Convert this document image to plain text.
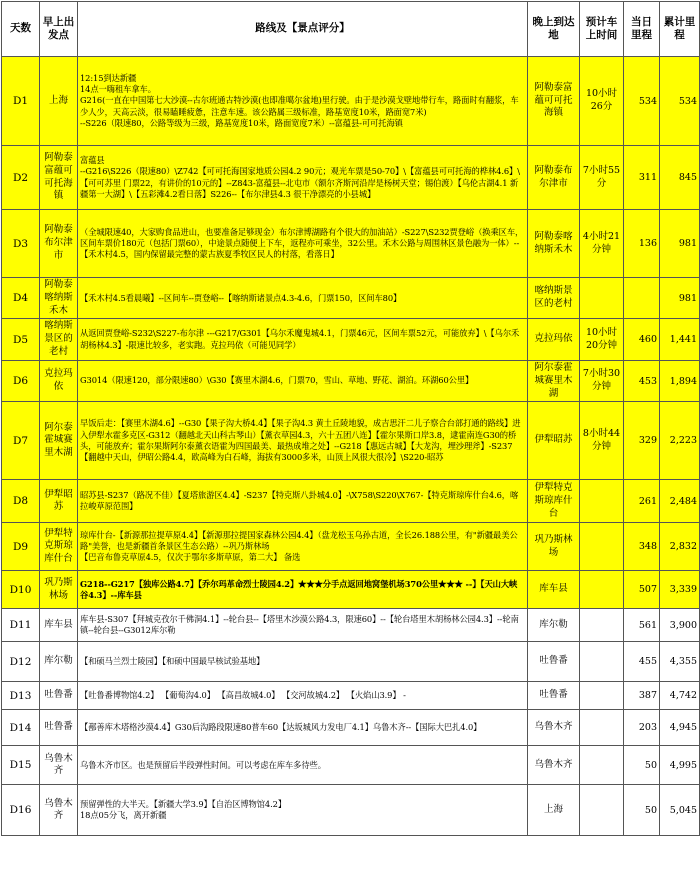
天数	早上出发点	路线及【景点评分】	晚上到达地	预计车上时间	当日里程	累计里程
D1	上海	12:15到达新疆
14点一嗨租车拿车。
G216(一直在中国第七大沙漠--古尔班通古特沙漠(也即准噶尔盆地)里行驶。由于是沙漠戈壁地带行车，路面时有翻浆，车少人少，天高云淡，很易瞌睡疲惫，注意车速。该公路属三级标准，路基宽度10米，路面宽7米)
--S226（限速80，公路等级为三级，路基宽度10米，路面宽度7米）--富蕴县-可可托海镇	阿勒泰富蕴可可托海镇	10小时26分	534	534
D2	阿勒泰富蕴可可托海镇	富蕴县
--G216\S226（限速80）\Z742【可可托海国家地质公园4.2 90元；观光车票是50-70】\【富蕴县可可托海的桦林4.6】\【可可苏里 门票22，有讲价的10元的】--Z843-富蕴县--北屯市（额尔齐斯河沿岸是杨树天堂；锡伯渡）【乌伦古湖4.1 新疆第一大湖】\【五彩滩4.2看日落】S226--【布尔津县4.3 很干净漂亮的小县城】	阿勒泰布尔津市	7小时55分	311	845
D3	阿勒泰布尔津市	（全城限速40，大家购食品进山，也要准备足够现金）布尔津博湖路有个很大的加油站）-S227\S232贾登峪（换乘区车，区间车票价180元（包括门票60），中途景点随便上下车，返程亦可乘坐，32公里。禾木公路与周围林区景色融为一体）--【禾木村4.5，国内保留最完整的蒙古族夏季牧区民人的村落，看落日】	阿勒泰喀纳斯禾木	4小时21分钟	136	981
D4	阿勒泰喀纳斯禾木	【禾木村4.5看晨曦】--区间车--贾登峪--【喀纳斯诸景点4.3-4.6，门票150，区间车80】	喀纳斯景区的老村			981
D5	喀纳斯景区的老村	从返回贾登峪-S232\S227-布尔津 ---G217/G301【乌尔禾魔鬼城4.1，门票46元，区间车票52元，可能放弃】\【乌尔禾胡杨林4.3】-限速比较多，老实跑。克拉玛依（可能见同学）	克拉玛依	10小时20分钟	460	1,441
D6	克拉玛依	G3014（限速120，部分限速80）\G30【赛里木湖4.6，门票70，雪山、草地、野花、湖泊。环湖60公里】	阿尔泰霍城赛里木湖	7小时30分钟	453	1,894
D7	阿尔泰霍城赛里木湖	早饭后走：【赛里木湖4.6】--G30【果子沟大桥4.4】【果子沟4.3 黄土丘陵地貌，成吉思汗二儿子察合台部打通的路线】进入伊犁水霍多克区-G312（翻越北天山科古琴山）【薰衣草园4.3，六十五团八连】【霍尔果斯口岸3.8，逮霍南连G30的桥头，可能放弃；霍尔果斯阿尔泰薰衣语霍为四国最美、最热成堆之处】--G218【惠远古城】【大龙沟，埋沙理斧】-S237【翻越中天山，伊昭公路4.4，欧高峰为白石峰，海拔有3000多米，山顶上风很大很冷】\S220-昭苏	伊犁昭苏	8小时44分钟	329	2,223
D8	伊犁昭苏	昭苏县-S237（路况不佳）【夏塔旅游区4.4】-S237【特克斯八卦城4.0】-\X758\S220\X767-【特克斯琼库什台4.6，喀拉峻草原范围】	伊犁特克斯琼库什台		261	2,484
D9	伊犁特克斯琼库什台	琼库什台-【新源那拉提草原4.4】【新源那拉提国家森林公园4.4】（盘龙松玉乌孙古道，全长26.188公里，有"新疆最美公路"美誉，也是新疆首条景区生态公路）--巩乃斯林场
【巴音布鲁克草原4.5，仅次于鄂尔多斯草原，第二大】 备选	巩乃斯林场		348	2,832
D10	巩乃斯林场	G218--G217【独库公路4.7】【乔尔玛革命烈士陵园4.2】★★★分手点返回地窝堡机场370公里★★★ --】【天山大峡谷4.3】--库车县	库车县		507	3,339
D11	库车县	库车县-S307【拜城克孜尔千佛洞4.1】--轮台县--【塔里木沙漠公路4.3，限速60】--【轮台塔里木胡杨林公园4.3】--轮南镇--轮台县--G3012库尔勒	库尔勒		561	3,900
D12	库尔勒	【和硕马兰烈士陵园】【和硕中国最早核试验基地】	吐鲁番		455	4,355
D13	吐鲁番	【吐鲁番博物馆4.2】 【葡萄沟4.0】 【高昌故城4.0】 【交河故城4.2】 【火焰山3.9】 -	吐鲁番		387	4,742
D14	吐鲁番	【鄯善库木塔格沙漠4.4】G30后沟路段限速80普车60【达坂城风力发电厂4.1】乌鲁木齐--【国际大巴扎4.0】	乌鲁木齐		203	4,945
D15	乌鲁木齐	乌鲁木齐市区。也是预留后半段弹性时间。可以考虑在库车多待些。	乌鲁木齐		50	4,995
D16	乌鲁木齐	预留弹性的大半天。【新疆大学3.9】【自治区博物馆4.2】
18点05分飞，离开新疆	上海		50	5,045
